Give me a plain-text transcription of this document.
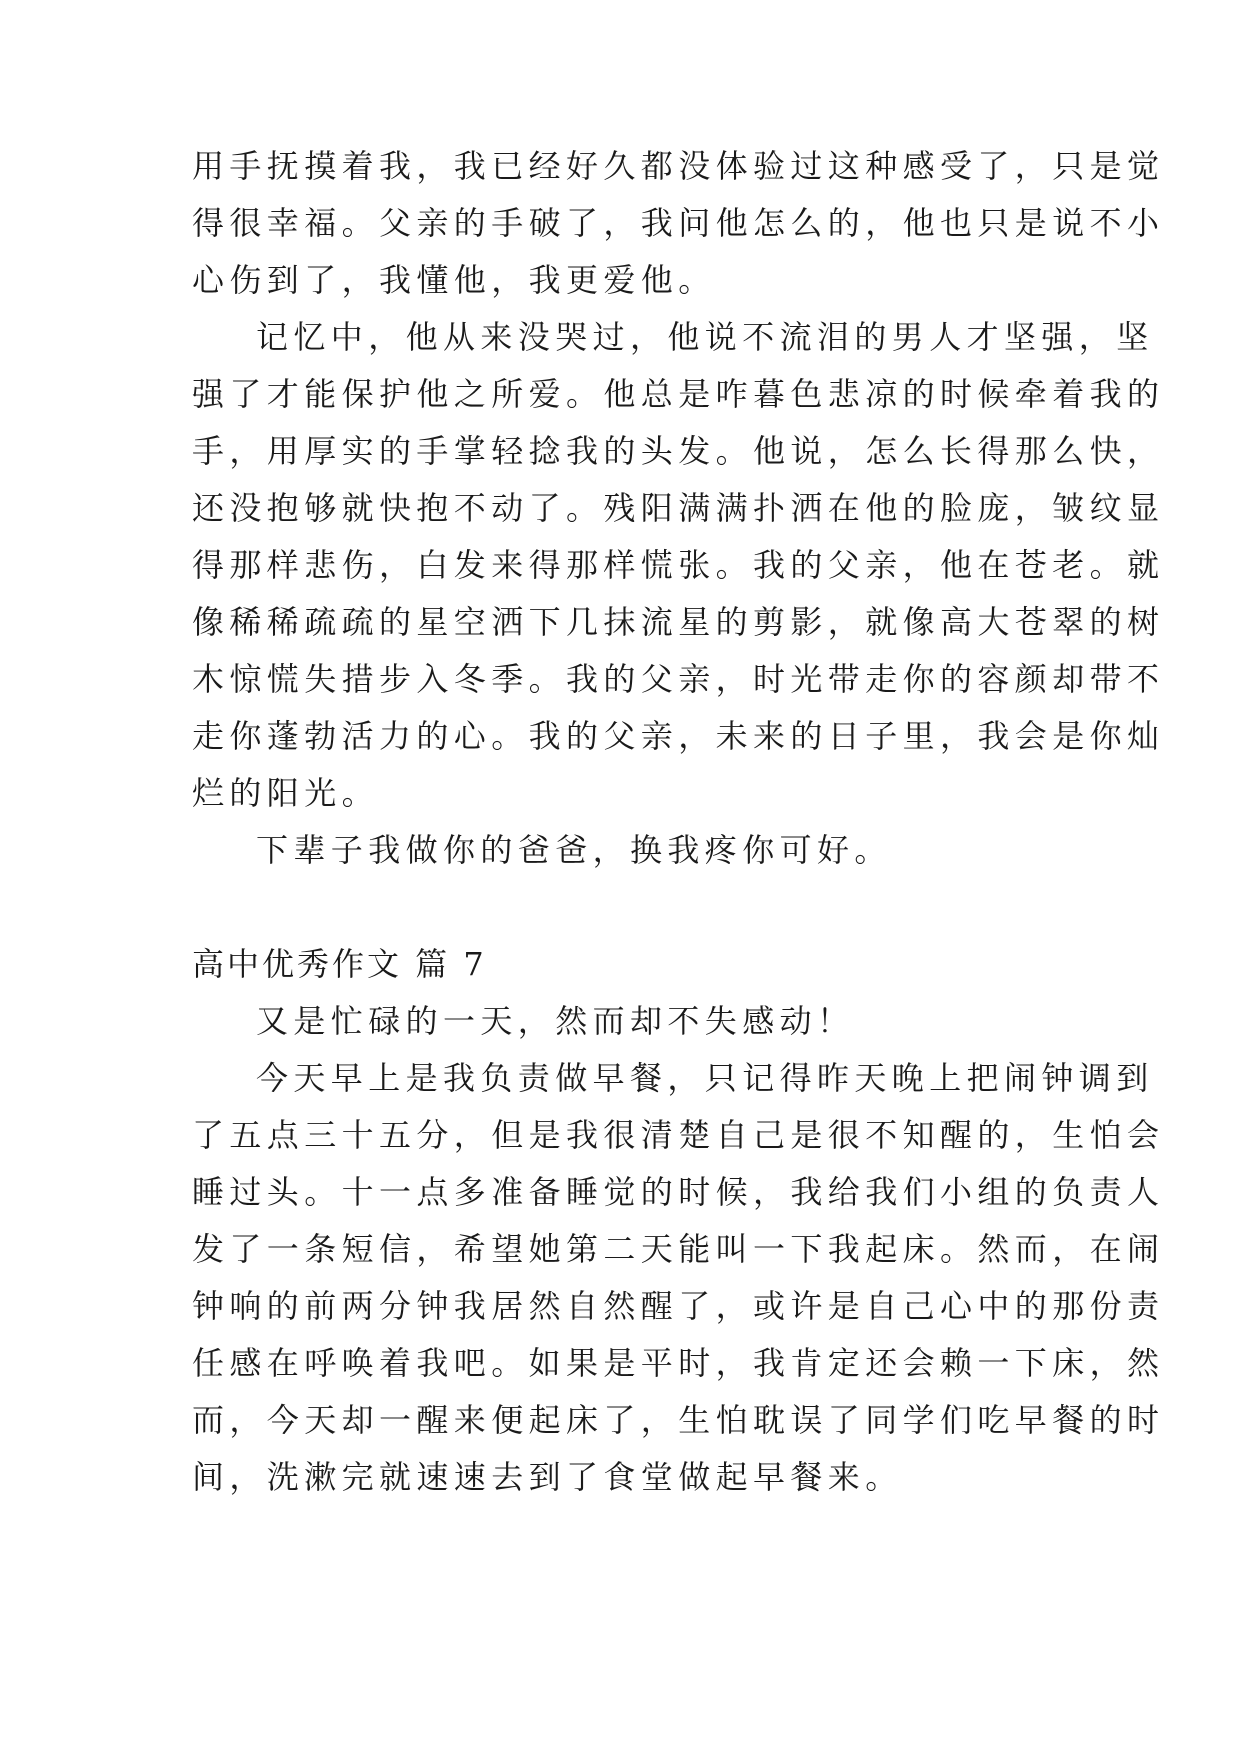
用手抚摸着我，我已经好久都没体验过这种感受了，只是觉
得很幸福。父亲的手破了，我问他怎么的，他也只是说不小
心伤到了，我懂他，我更爱他。
记忆中，他从来没哭过，他说不流泪的男人才坚强，坚
强了才能保护他之所爱。他总是咋暮色悲凉的时候牵着我的
手，用厚实的手掌轻捻我的头发。他说，怎么长得那么快，
还没抱够就快抱不动了。残阳满满扑洒在他的脸庞，皱纹显
得那样悲伤，白发来得那样慌张。我的父亲，他在苍老。就
像稀稀疏疏的星空洒下几抹流星的剪影，就像高大苍翠的树
木惊慌失措步入冬季。我的父亲，时光带走你的容颜却带不
走你蓬勃活力的心。我的父亲，未来的日子里，我会是你灿
烂的阳光。
下辈子我做你的爸爸，换我疼你可好。
高中优秀作文 篇 7
又是忙碌的一天，然而却不失感动！
今天早上是我负责做早餐，只记得昨天晚上把闹钟调到
了五点三十五分，但是我很清楚自己是很不知醒的，生怕会
睡过头。十一点多准备睡觉的时候，我给我们小组的负责人
发了一条短信，希望她第二天能叫一下我起床。然而，在闹
钟响的前两分钟我居然自然醒了，或许是自己心中的那份责
任感在呼唤着我吧。如果是平时，我肯定还会赖一下床，然
而，今天却一醒来便起床了，生怕耽误了同学们吃早餐的时
间，洗漱完就速速去到了食堂做起早餐来。
